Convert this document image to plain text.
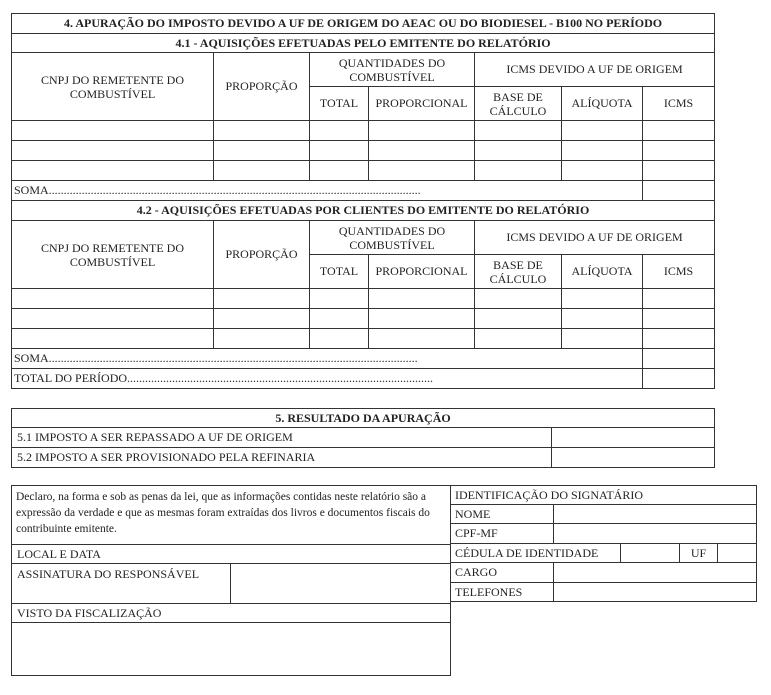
4. APURAÇÃO DO IMPOSTO DEVIDO A UF DE ORIGEM DO AEAC OU DO BIODIESEL - B100 NO PERÍODO						
4.1 - AQUISIÇÕES EFETUADAS PELO EMITENTE DO RELATÓRIO						
CNPJ DO REMETENTE DO COMBUSTÍVEL	PROPORÇÃO	QUANTIDADES DO COMBUSTÍVEL		ICMS DEVIDO A UF DE ORIGEM		
		TOTAL	PROPORCIONAL	BASE DE CÁLCULO	ALÍQUOTA	ICMS

SOMA............................................................................................................................						
4.2 - AQUISIÇÕES EFETUADAS POR CLIENTES DO EMITENTE DO RELATÓRIO						
CNPJ DO REMETENTE DO COMBUSTÍVEL	PROPORÇÃO	QUANTIDADES DO COMBUSTÍVEL		ICMS DEVIDO A UF DE ORIGEM		
		TOTAL	PROPORCIONAL	BASE DE CÁLCULO	ALÍQUOTA	ICMS

SOMA...........................................................................................................................						
TOTAL DO PERÍODO......................................................................................................						
5. RESULTADO DA APURAÇÃO	
5.1 IMPOSTO A SER REPASSADO A UF DE ORIGEM	
5.2 IMPOSTO A SER PROVISIONADO PELA REFINARIA	
Declaro, na forma e sob as penas da lei, que as informações contidas neste relatório são a expressão da verdade e que as mesmas foram extraídas dos livros e documentos fiscais do contribuinte emitente.
LOCAL E DATA
ASSINATURA DO RESPONSÁVEL	
VISTO DA FISCALIZAÇÃO

IDENTIFICAÇÃO DO SIGNATÁRIO				
NOME				
CPF-MF				
CÉDULA DE IDENTIDADE			UF	
CARGO				
TELEFONES				
